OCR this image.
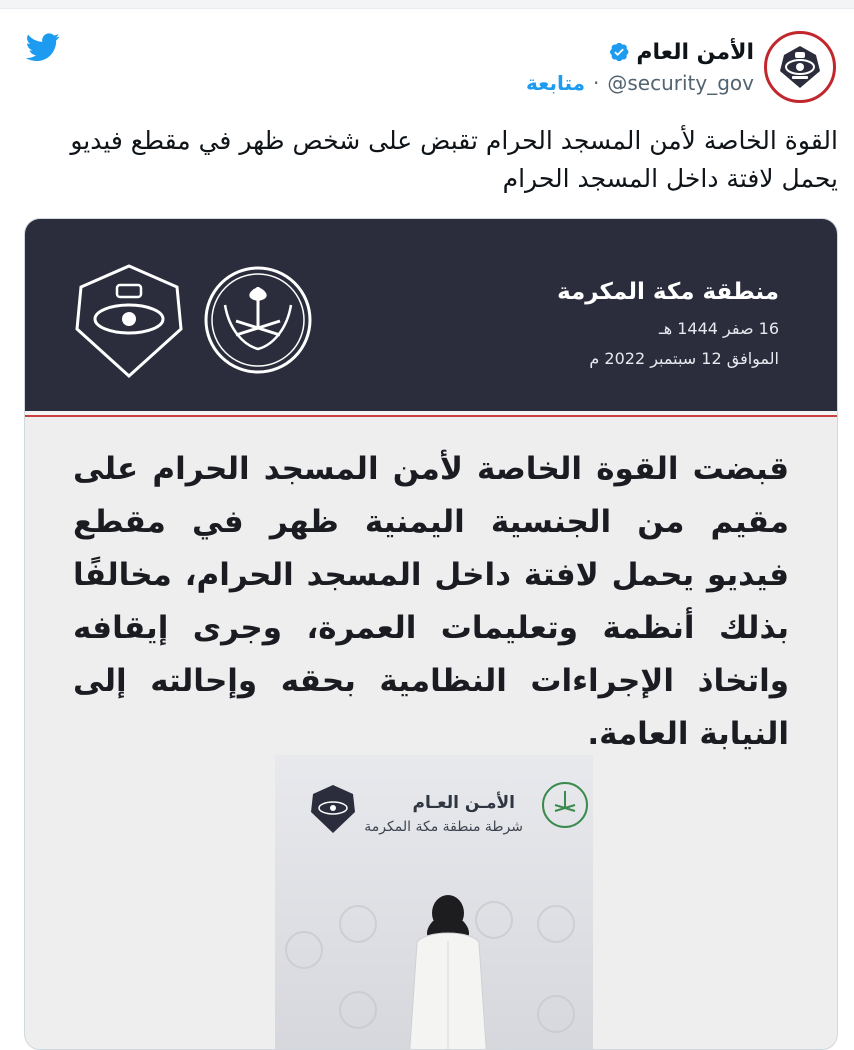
الأمن العام
@security_gov
·
متابعة
القوة الخاصة لأمن المسجد الحرام تقبض على شخص ظهر في مقطع فيديو يحمل لافتة داخل المسجد الحرام
منطقة مكة المكرمة
16 صفر 1444 هـ
الموافق 12 سبتمبر 2022 م
قبضت القوة الخاصة لأمن المسجد الحرام على مقيم من الجنسية اليمنية ظهر في مقطع فيديو يحمل لافتة داخل المسجد الحرام، مخالفًا بذلك أنظمة وتعليمات العمرة، وجرى إيقافه واتخاذ الإجراءات النظامية بحقه وإحالته إلى النيابة العامة.
الأمـن العـام
شرطة منطقة مكة المكرمة
